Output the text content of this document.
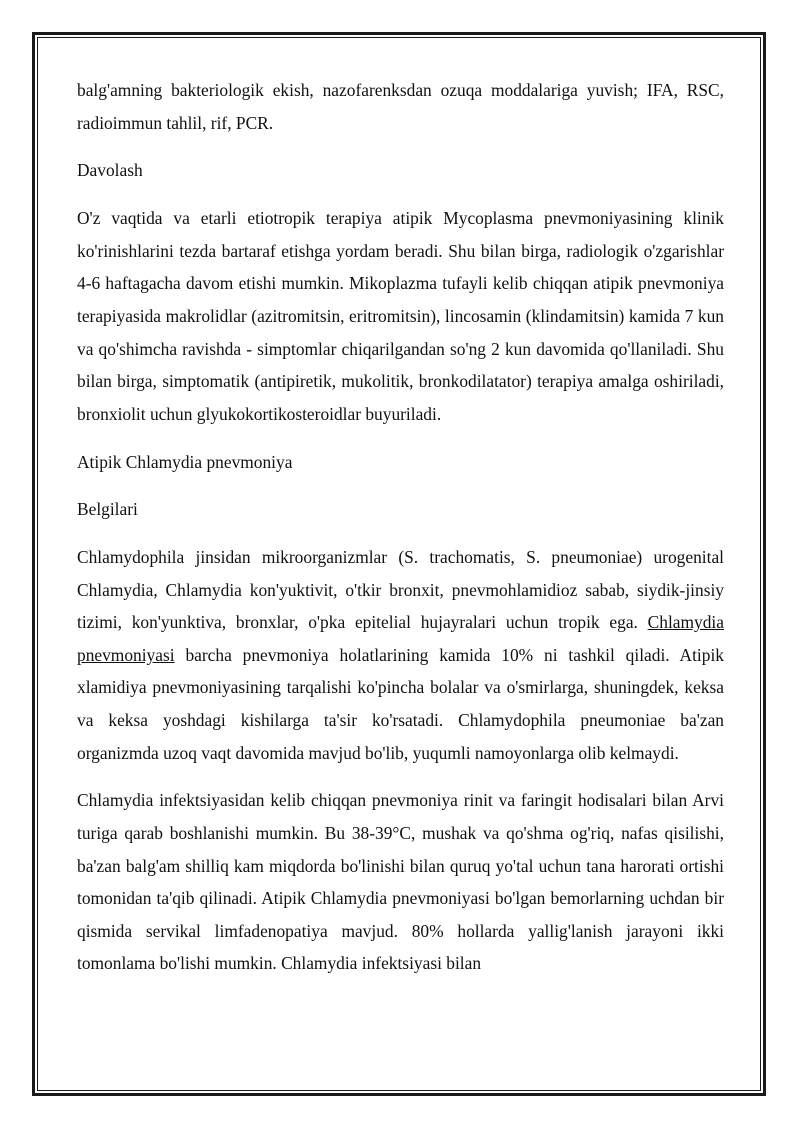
balg'amning bakteriologik ekish, nazofarenksdan ozuqa moddalariga yuvish; IFA, RSC, radioimmun tahlil, rif, PCR.

Davolash

O'z vaqtida va etarli etiotropik terapiya atipik Mycoplasma pnevmoniyasining klinik ko'rinishlarini tezda bartaraf etishga yordam beradi. Shu bilan birga, radiologik o'zgarishlar 4-6 haftagacha davom etishi mumkin. Mikoplazma tufayli kelib chiqqan atipik pnevmoniya terapiyasida makrolidlar (azitromitsin, eritromitsin), lincosamin (klindamitsin) kamida 7 kun va qo'shimcha ravishda - simptomlar chiqarilgandan so'ng 2 kun davomida qo'llaniladi. Shu bilan birga, simptomatik (antipiretik, mukolitik, bronkodilatator) terapiya amalga oshiriladi, bronxiolit uchun glyukokortikosteroidlar buyuriladi.

Atipik Chlamydia pnevmoniya

Belgilari

Chlamydophila jinsidan mikroorganizmlar (S. trachomatis, S. pneumoniae) urogenital Chlamydia, Chlamydia kon'yuktivit, o'tkir bronxit, pnevmohlamidioz sabab, siydik-jinsiy tizimi, kon'yunktiva, bronxlar, o'pka epitelial hujayralari uchun tropik ega. Chlamydia pnevmoniyasi barcha pnevmoniya holatlarining kamida 10% ni tashkil qiladi. Atipik xlamidiya pnevmoniyasining tarqalishi ko'pincha bolalar va o'smirlarga, shuningdek, keksa va keksa yoshdagi kishilarga ta'sir ko'rsatadi. Chlamydophila pneumoniae ba'zan organizmda uzoq vaqt davomida mavjud bo'lib, yuqumli namoyonlarga olib kelmaydi.

Chlamydia infektsiyasidan kelib chiqqan pnevmoniya rinit va faringit hodisalari bilan Arvi turiga qarab boshlanishi mumkin. Bu 38-39°C, mushak va qo'shma og'riq, nafas qisilishi, ba'zan balg'am shilliq kam miqdorda bo'linishi bilan quruq yo'tal uchun tana harorati ortishi tomonidan ta'qib qilinadi. Atipik Chlamydia pnevmoniyasi bo'lgan bemorlarning uchdan bir qismida servikal limfadenopatiya mavjud. 80% hollarda yallig'lanish jarayoni ikki tomonlama bo'lishi mumkin. Chlamydia infektsiyasi bilan
